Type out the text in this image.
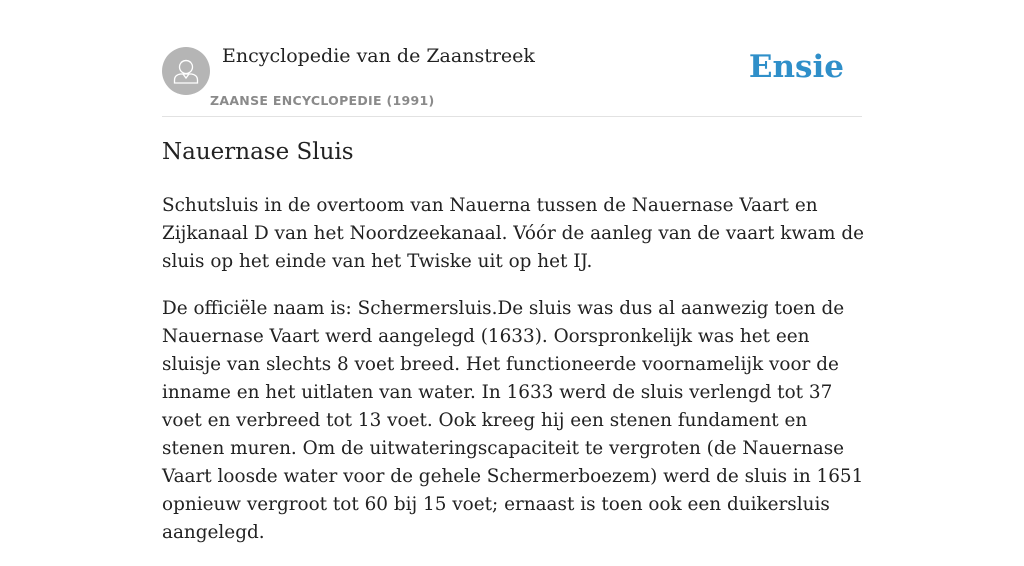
Encyclopedie van de Zaanstreek
ZAANSE ENCYCLOPEDIE (1991)
Ensie
Nauernase Sluis

Schutsluis in de overtoom van Nauerna tussen de Nauernase Vaart en Zijkanaal D van het Noordzeekanaal. Vóór de aanleg van de vaart kwam de sluis op het einde van het Twiske uit op het IJ.

De officiële naam is: Schermersluis.De sluis was dus al aanwezig toen de Nauernase Vaart werd aangelegd (1633). Oorspronkelijk was het een sluisje van slechts 8 voet breed. Het functioneerde voornamelijk voor de inname en het uitlaten van water. In 1633 werd de sluis verlengd tot 37 voet en verbreed tot 13 voet. Ook kreeg hij een stenen fundament en stenen muren. Om de uitwateringscapaciteit te vergroten (de Nauernase Vaart loosde water voor de gehele Schermerboezem) werd de sluis in 1651 opnieuw vergroot tot 60 bij 15 voet; ernaast is toen ook een duikersluis aangelegd.
